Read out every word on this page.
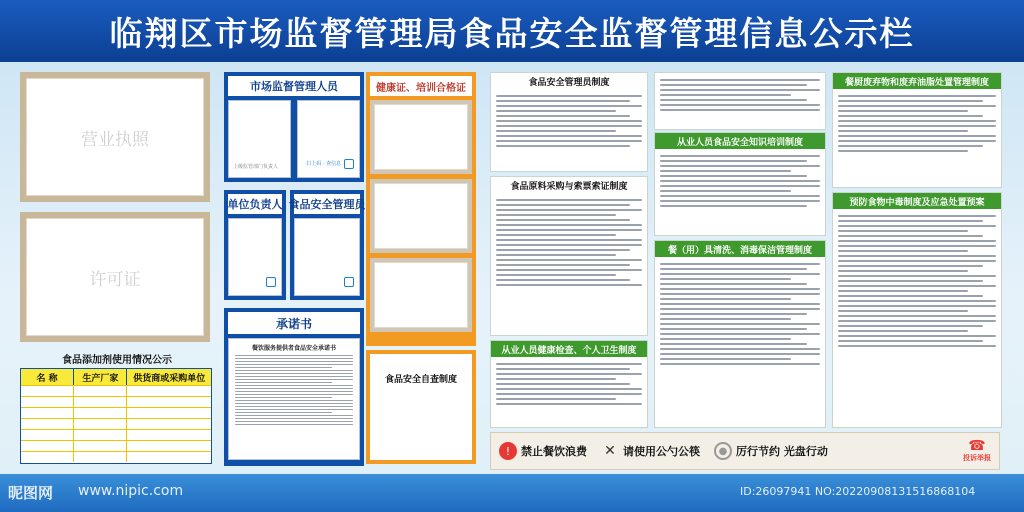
临翔区市场监督管理局食品安全监督管理信息公示栏
营业执照
许可证
食品添加剂使用情况公示
名 称	生产厂家	供货商或采购单位
市场监督管理人员
上级监管部门负责人	扫上码 · 查信息
单位负责人 食品安全管理员
承诺书
餐饮服务提供者食品安全承诺书
健康证、培训合格证
食品安全自查制度
食品安全管理员制度
食品原料采购与索票索证制度
从业人员健康检查、个人卫生制度
从业人员食品安全知识培训制度
餐（用）具清洗、消毒保洁管理制度
餐厨废弃物和废弃油脂处置管理制度
预防食物中毒制度及应急处置预案
! 禁止餐饮浪费 ✕ 请使用公勺公筷	● 厉行节约 光盘行动	☎
投诉举报
昵图网 www.nipic.com	ID:26097941 NO:20220908131516868104
